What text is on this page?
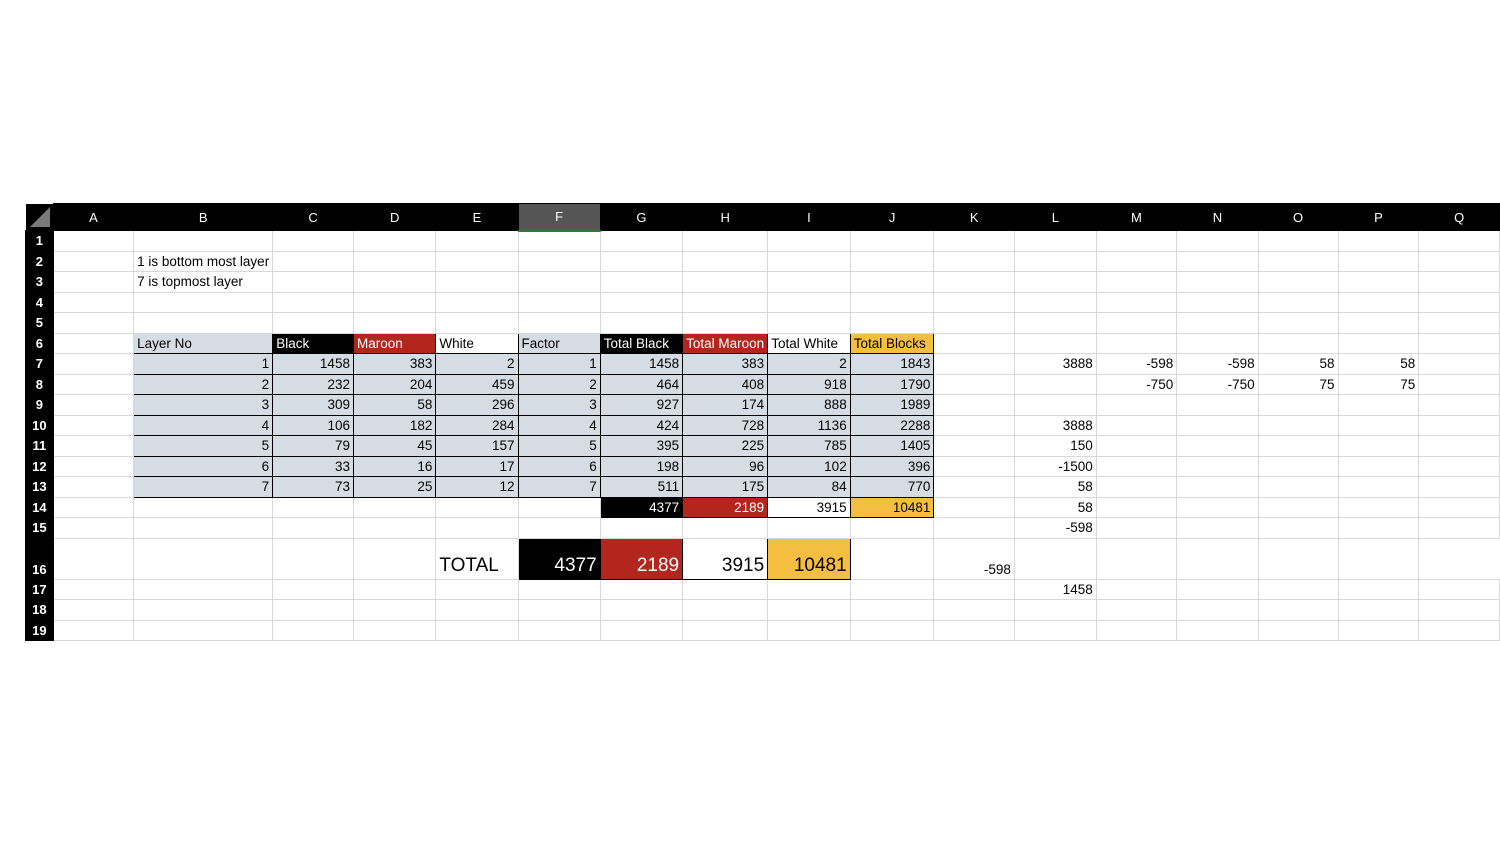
	A	B	C	D	E	F	G	H	I	J	K	L	M	N	O	P	Q
1																	
2		1 is bottom most layer															
3		7 is topmost layer															
4																	
5																	
6		Layer No	Black	Maroon	White	Factor	Total Black	Total Maroon	Total White	Total Blocks							
7		1	1458	383	2	1	1458	383	2	1843		3888	-598	-598	58	58	
8		2	232	204	459	2	464	408	918	1790			-750	-750	75	75	
9		3	309	58	296	3	927	174	888	1989							
10		4	106	182	284	4	424	728	1136	2288		3888					
11		5	79	45	157	5	395	225	785	1405		150					
12		6	33	16	17	6	198	96	102	396		-1500					
13		7	73	25	12	7	511	175	84	770		58					
14							4377	2189	3915	10481		58					
15												-598					
16					TOTAL	4377	2189	3915	10481		-598						
17												1458					
18																	
19																	
